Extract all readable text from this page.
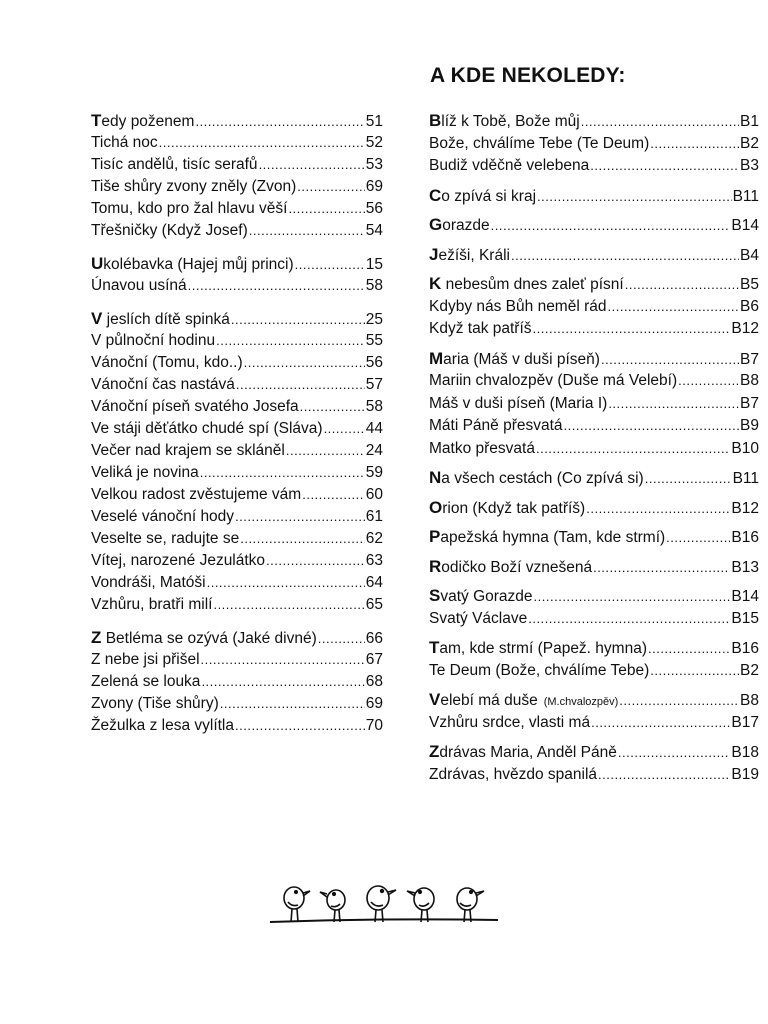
A KDE NEKOLEDY:
Tedy poženem .....	51
Tichá noc .....	52
Tisíc andělů, tisíc serafů .....	53
Tiše shůry zvony zněly (Zvon) .....	69
Tomu, kdo pro žal hlavu věší .....	56
Třešničky (Když Josef) .....	54
Ukolébavka (Hajej můj princi) .....	15
Únavou usíná .....	58
V jeslích dítě spinká .....	25
V půlnoční hodinu .....	55
Vánoční (Tomu, kdo..) .....	56
Vánoční čas nastává .....	57
Vánoční píseň svatého Josefa .....	58
Ve stáji děťátko chudé spí (Sláva) .....	44
Večer nad krajem se skláněl .....	24
Veliká je novina .....	59
Velkou radost zvěstujeme vám .....	60
Veselé vánoční hody .....	61
Veselte se, radujte se .....	62
Vítej, narozené Jezulátko .....	63
Vondráši, Matóši .....	64
Vzhůru, bratři milí .....	65
Z Betléma se ozývá (Jaké divné) .....	66
Z nebe jsi přišel .....	67
Zelená se louka .....	68
Zvony (Tiše shůry) .....	69
Žežulka z lesa vylítla .....	70
Blíž k Tobě, Bože můj .....	B1
Bože, chválíme Tebe (Te Deum) .....	B2
Budiž vděčně velebena .....	B3
Co zpívá si kraj .....	B11
Gorazde .....	B14
Ježíši, Králi .....	B4
K nebesům dnes zaleť písní .....	B5
Kdyby nás Bůh neměl rád .....	B6
Když tak patříš .....	B12
Maria (Máš v duši píseň) .....	B7
Mariin chvalozpěv (Duše má Velebí) .....	B8
Máš v duši píseň (Maria I) .....	B7
Máti Páně přesvatá .....	B9
Matko přesvatá .....	B10
Na všech cestách (Co zpívá si) .....	B11
Orion (Když tak patříš) .....	B12
Papežská hymna (Tam, kde strmí) .....	B16
Rodičko Boží vznešená .....	B13
Svatý Gorazde .....	B14
Svatý Václave .....	B15
Tam, kde strmí (Papež. hymna) .....	B16
Te Deum (Bože, chválíme Tebe) .....	B2
Velebí má duše (M.chvalozpěv) .....	B8
Vzhůru srdce, vlasti má .....	B17
Zdrávas Maria, Anděl Páně .....	B18
Zdrávas, hvězdo spanilá .....	B19
